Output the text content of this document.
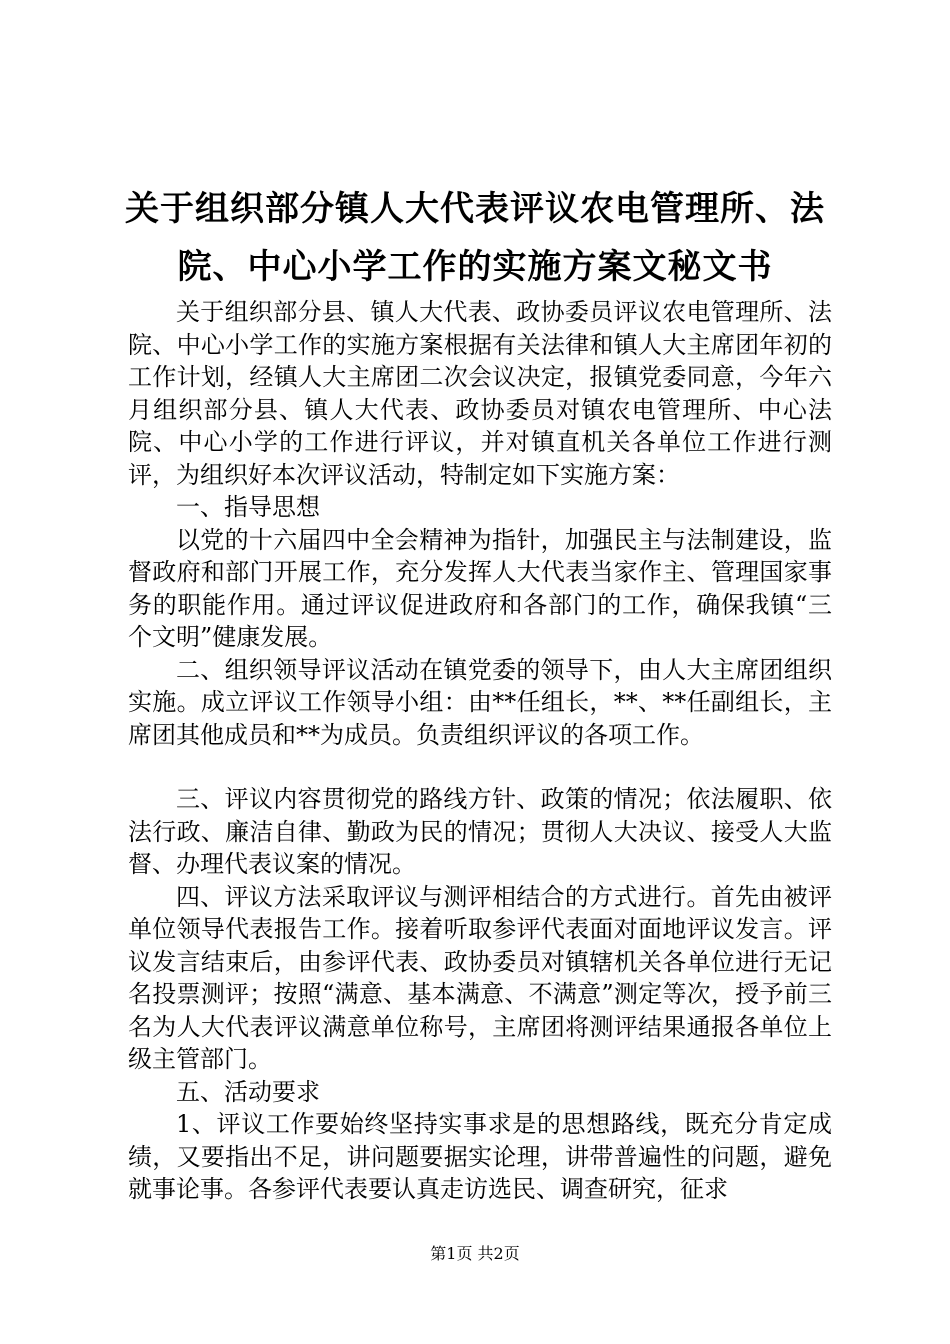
关于组织部分镇人大代表评议农电管理所、法
院、中心小学工作的实施方案文秘文书

关于组织部分县、镇人大代表、政协委员评议农电管理所、法院、中心小学工作的实施方案根据有关法律和镇人大主席团年初的工作计划，经镇人大主席团二次会议决定，报镇党委同意，今年六月组织部分县、镇人大代表、政协委员对镇农电管理所、中心法院、中心小学的工作进行评议，并对镇直机关各单位工作进行测评，为组织好本次评议活动，特制定如下实施方案：

一、指导思想

以党的十六届四中全会精神为指针，加强民主与法制建设，监督政府和部门开展工作，充分发挥人大代表当家作主、管理国家事务的职能作用。通过评议促进政府和各部门的工作，确保我镇“三个文明”健康发展。

二、组织领导评议活动在镇党委的领导下，由人大主席团组织实施。成立评议工作领导小组：由**任组长，**、**任副组长，主席团其他成员和**为成员。负责组织评议的各项工作。

三、评议内容贯彻党的路线方针、政策的情况；依法履职、依法行政、廉洁自律、勤政为民的情况；贯彻人大决议、接受人大监督、办理代表议案的情况。

四、评议方法采取评议与测评相结合的方式进行。首先由被评单位领导代表报告工作。接着听取参评代表面对面地评议发言。评议发言结束后，由参评代表、政协委员对镇辖机关各单位进行无记名投票测评；按照“满意、基本满意、不满意”测定等次，授予前三名为人大代表评议满意单位称号，主席团将测评结果通报各单位上级主管部门。

五、活动要求

1、评议工作要始终坚持实事求是的思想路线，既充分肯定成绩，又要指出不足，讲问题要据实论理，讲带普遍性的问题，避免就事论事。各参评代表要认真走访选民、调查研究，征求

第1页 共2页
